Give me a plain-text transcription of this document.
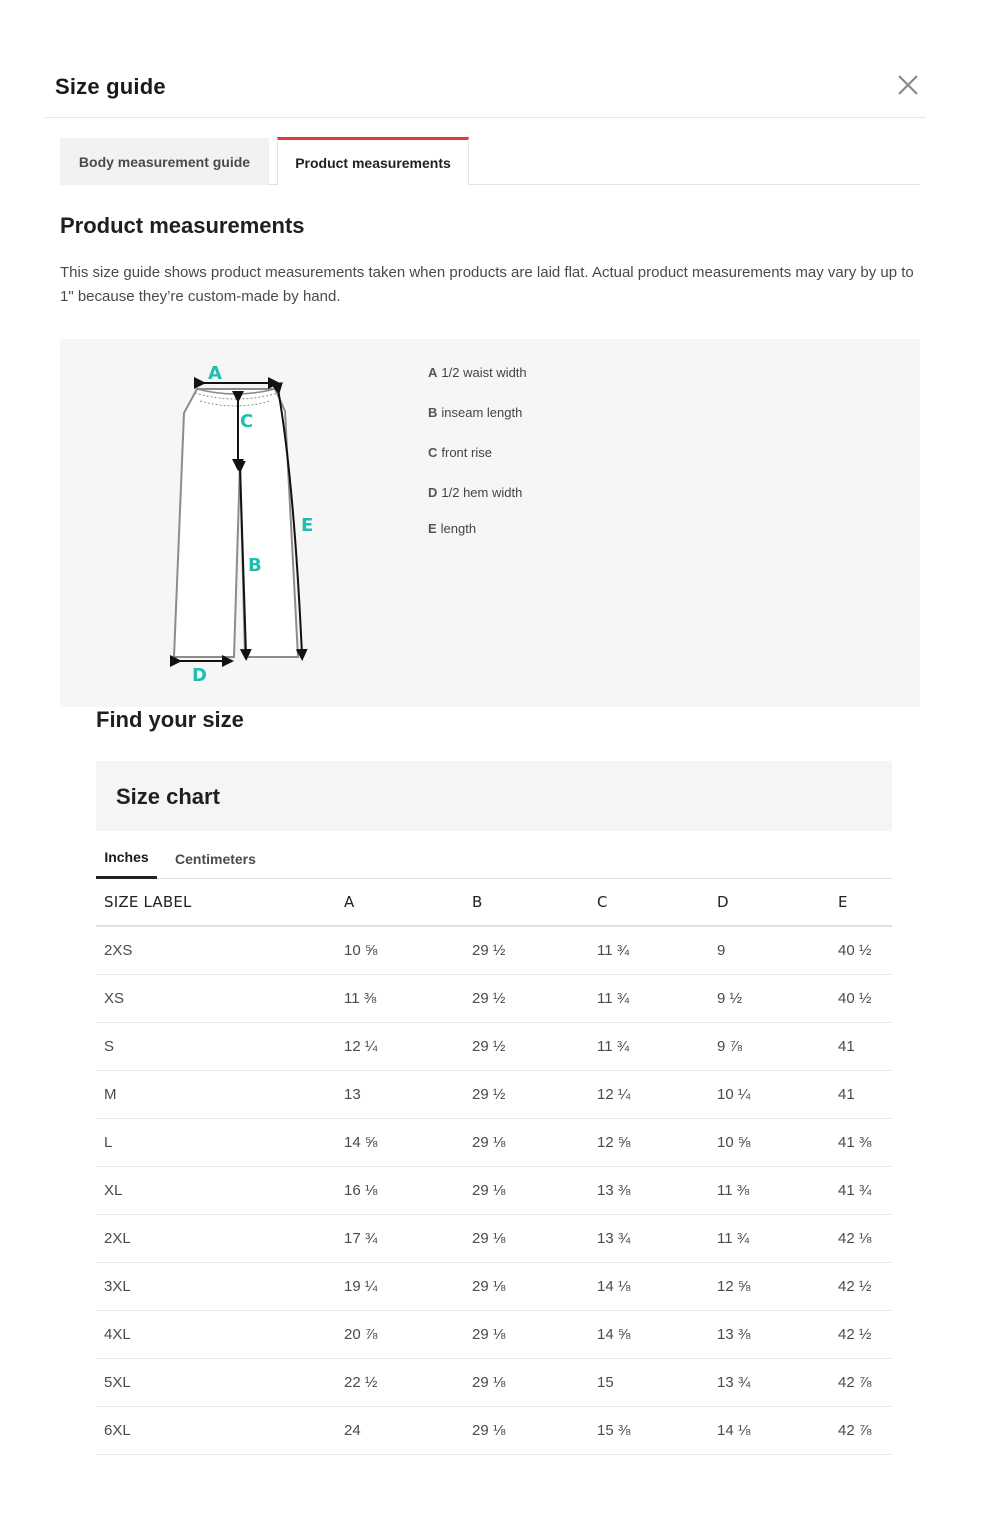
Size guide
Body measurement guide	Product measurements
Product measurements
This size guide shows product measurements taken when products are laid flat. Actual product measurements may vary by up to 1" because they’re custom-made by hand.
A
C
B
E
D
A 1/2 waist width
B inseam length
C front rise
D 1/2 hem width
E length
Find your size
Size chart
Inches	Centimeters
SIZE LABEL	A	B	C	D	E
2XS	10 ⅝	29 ½	11 ¾	9	40 ½
XS	11 ⅜	29 ½	11 ¾	9 ½	40 ½
S	12 ¼	29 ½	11 ¾	9 ⅞	41
M	13	29 ½	12 ¼	10 ¼	41
L	14 ⅝	29 ⅛	12 ⅝	10 ⅝	41 ⅜
XL	16 ⅛	29 ⅛	13 ⅜	11 ⅜	41 ¾
2XL	17 ¾	29 ⅛	13 ¾	11 ¾	42 ⅛
3XL	19 ¼	29 ⅛	14 ⅛	12 ⅝	42 ½
4XL	20 ⅞	29 ⅛	14 ⅝	13 ⅜	42 ½
5XL	22 ½	29 ⅛	15	13 ¾	42 ⅞
6XL	24	29 ⅛	15 ⅜	14 ⅛	42 ⅞
